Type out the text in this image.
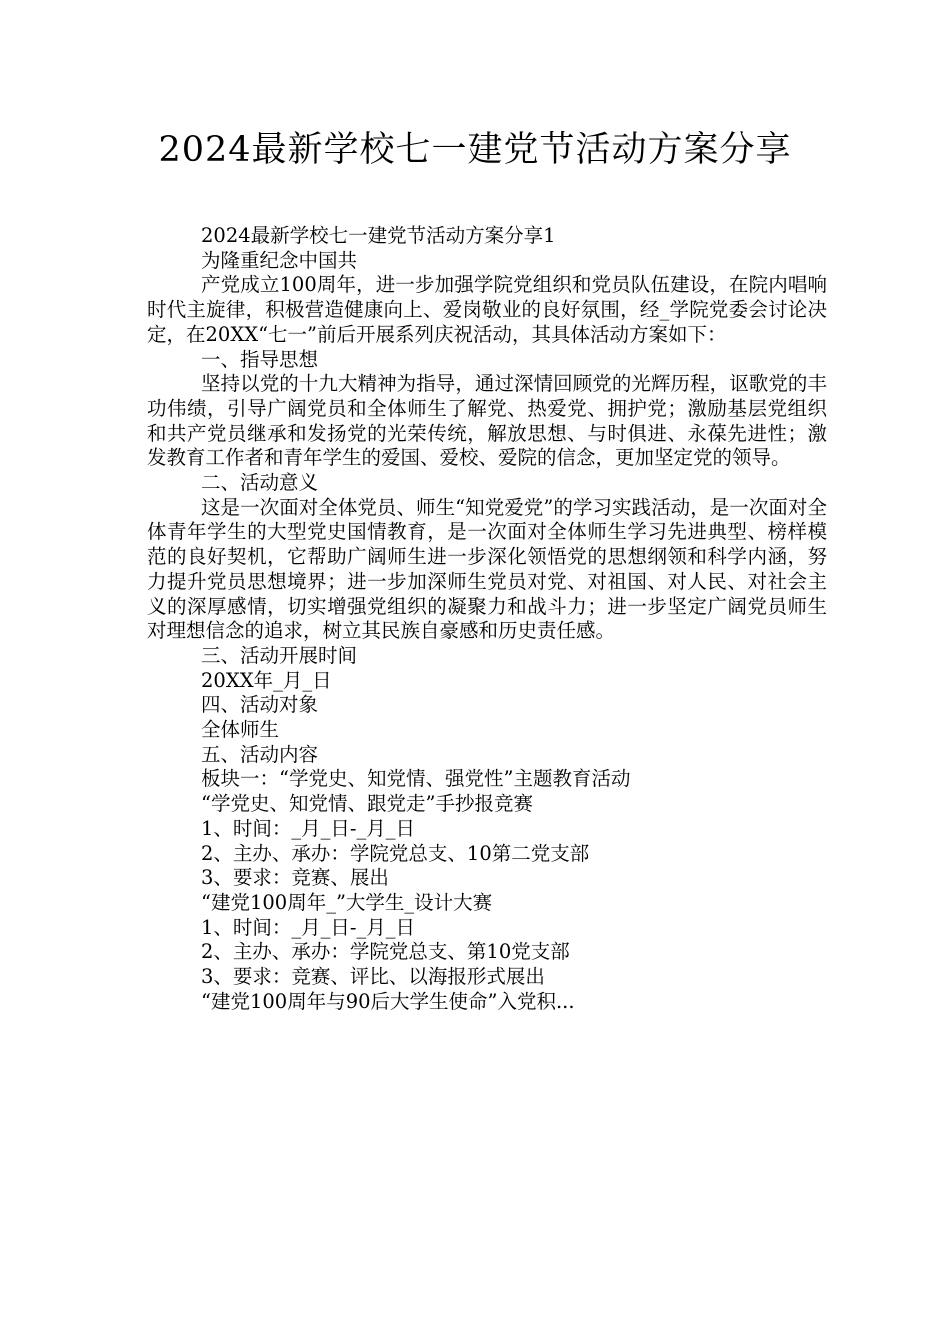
2024最新学校七一建党节活动方案分享

2024最新学校七一建党节活动方案分享1

为隆重纪念中国共

产党成立100周年，进一步加强学院党组织和党员队伍建设，在院内唱响时代主旋律，积极营造健康向上、爱岗敬业的良好氛围，经_学院党委会讨论决定，在20XX“七一”前后开展系列庆祝活动，其具体活动方案如下：

一、指导思想

坚持以党的十九大精神为指导，通过深情回顾党的光辉历程，讴歌党的丰功伟绩，引导广阔党员和全体师生了解党、热爱党、拥护党；激励基层党组织和共产党员继承和发扬党的光荣传统，解放思想、与时俱进、永葆先进性；激发教育工作者和青年学生的爱国、爱校、爱院的信念，更加坚定党的领导。

二、活动意义

这是一次面对全体党员、师生“知党爱党”的学习实践活动，是一次面对全体青年学生的大型党史国情教育，是一次面对全体师生学习先进典型、榜样模范的良好契机，它帮助广阔师生进一步深化领悟党的思想纲领和科学内涵，努力提升党员思想境界；进一步加深师生党员对党、对祖国、对人民、对社会主义的深厚感情，切实增强党组织的凝聚力和战斗力；进一步坚定广阔党员师生对理想信念的追求，树立其民族自豪感和历史责任感。

三、活动开展时间

20XX年_月_日

四、活动对象

全体师生

五、活动内容

板块一：“学党史、知党情、强党性”主题教育活动

“学党史、知党情、跟党走”手抄报竞赛

1、时间：_月_日-_月_日

2、主办、承办：学院党总支、10第二党支部

3、要求：竞赛、展出

“建党100周年_”大学生_设计大赛

1、时间：_月_日-_月_日

2、主办、承办：学院党总支、第10党支部

3、要求：竞赛、评比、以海报形式展出

“建党100周年与90后大学生使命”入党积...
